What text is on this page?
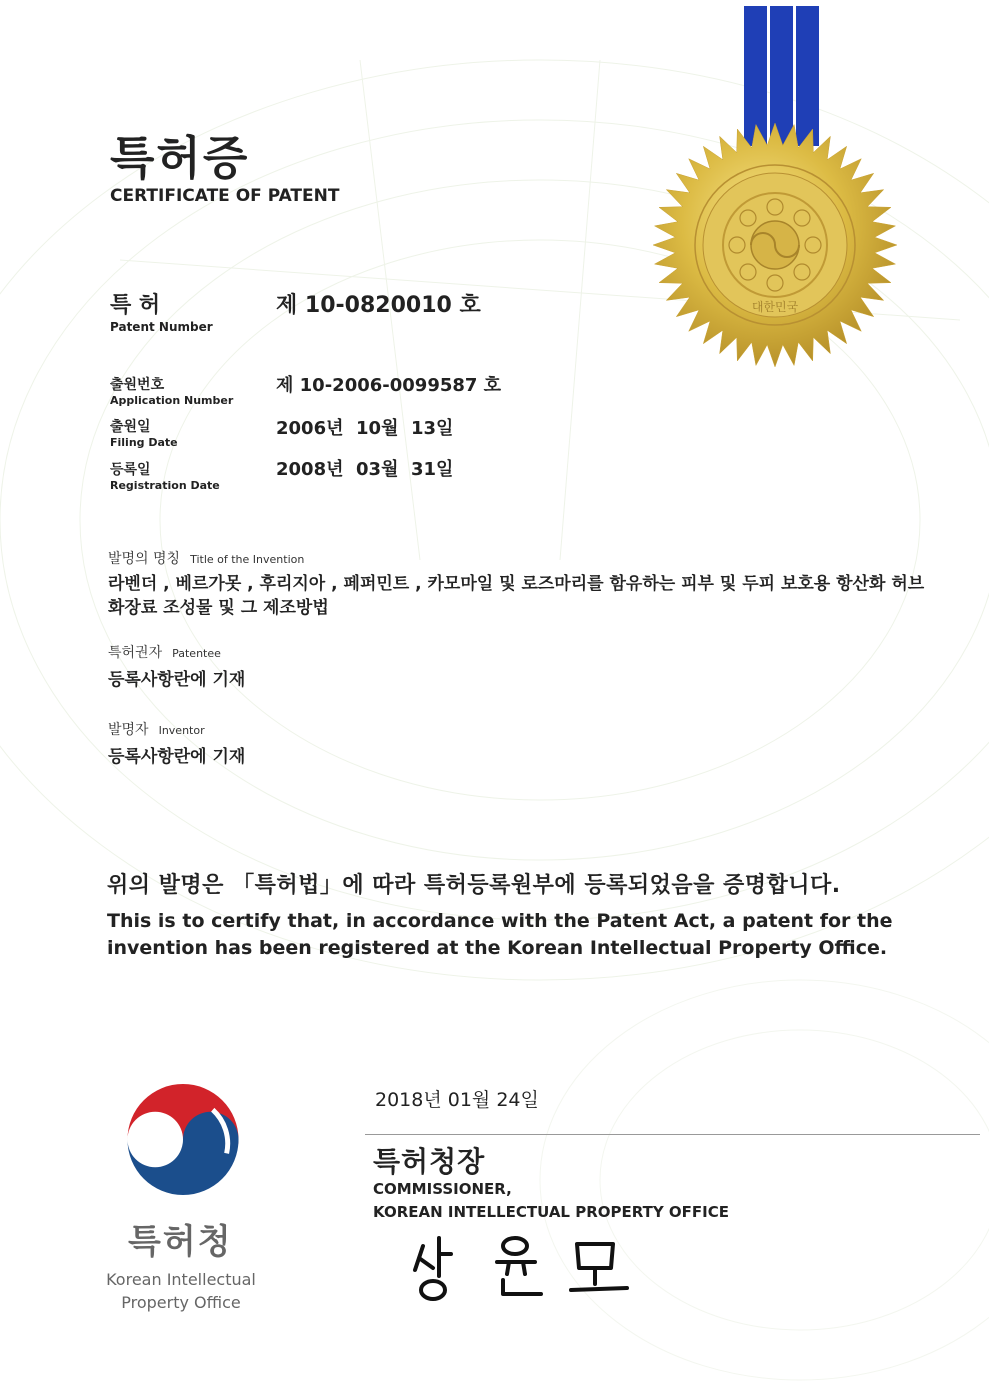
대한민국
특허증
CERTIFICATE OF PATENT
특 허
Patent Number
제 10-0820010 호
출원번호
Application Number
제 10-2006-0099587 호
출원일
Filing Date
2006년  10월  13일
등록일
Registration Date
2008년  03월  31일
발명의 명칭 Title of the Invention
라벤더 , 베르가못 , 후리지아 , 페퍼민트 , 카모마일 및 로즈마리를 함유하는 피부 및 두피 보호용 항산화 허브 화장료 조성물 및 그 제조방법
특허권자 Patentee
등록사항란에 기재
발명자 Inventor
등록사항란에 기재
위의 발명은 「특허법」에 따라 특허등록원부에 등록되었음을 증명합니다.
This is to certify that, in accordance with the Patent Act, a patent for the invention has been registered at the Korean Intellectual Property Office.
2018년 01월 24일
특허청장
COMMISSIONER,
KOREAN INTELLECTUAL PROPERTY OFFICE
특허청
Korean Intellectual Property Office
